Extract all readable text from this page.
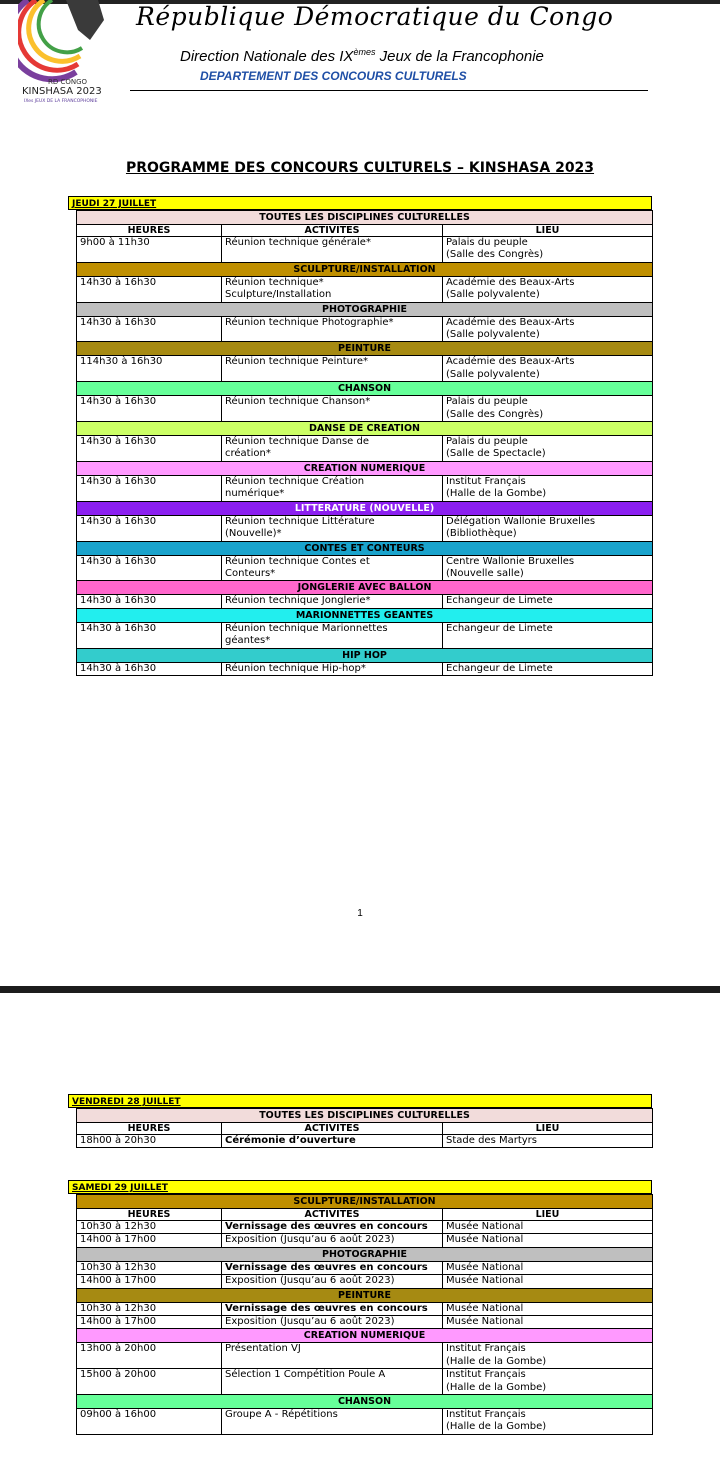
RD CONGO
KINSHASA 2023
IXes JEUX DE LA FRANCOPHONIE
République Démocratique du Congo
Direction Nationale des IXèmes Jeux de la Francophonie
DEPARTEMENT DES CONCOURS CULTURELS
PROGRAMME DES CONCOURS CULTURELS – KINSHASA 2023
JEUDI 27 JUILLET
TOUTES LES DISCIPLINES CULTURELLES		
HEURES	ACTIVITES	LIEU
9h00 à 11h30	Réunion technique générale*	Palais du peuple
(Salle des Congrès)
SCULPTURE/INSTALLATION		
14h30 à 16h30	Réunion technique*
Sculpture/Installation	Académie des Beaux-Arts
(Salle polyvalente)
PHOTOGRAPHIE		
14h30 à 16h30	Réunion technique Photographie*	Académie des Beaux-Arts
(Salle polyvalente)
PEINTURE		
114h30 à 16h30	Réunion technique Peinture*	Académie des Beaux-Arts
(Salle polyvalente)
CHANSON		
14h30 à 16h30	Réunion technique Chanson*	Palais du peuple
(Salle des Congrès)
DANSE DE CREATION		
14h30 à 16h30	Réunion technique Danse de
création*	Palais du peuple
(Salle de Spectacle)
CREATION NUMERIQUE		
14h30 à 16h30	Réunion technique Création
numérique*	Institut Français
(Halle de la Gombe)
LITTERATURE (NOUVELLE)		
14h30 à 16h30	Réunion technique Littérature
(Nouvelle)*	Délégation Wallonie Bruxelles
(Bibliothèque)
CONTES ET CONTEURS		
14h30 à 16h30	Réunion technique Contes et
Conteurs*	Centre Wallonie Bruxelles
(Nouvelle salle)
JONGLERIE AVEC BALLON		
14h30 à 16h30	Réunion technique Jonglerie*	Echangeur de Limete
MARIONNETTES GEANTES		
14h30 à 16h30	Réunion technique Marionnettes
géantes*	Echangeur de Limete
HIP HOP		
14h30 à 16h30	Réunion technique Hip-hop*	Echangeur de Limete
1
VENDREDI 28 JUILLET
TOUTES LES DISCIPLINES CULTURELLES		
HEURES	ACTIVITES	LIEU
18h00 à 20h30	Cérémonie d’ouverture	Stade des Martyrs
SAMEDI 29 JUILLET
SCULPTURE/INSTALLATION		
HEURES	ACTIVITES	LIEU
10h30 à 12h30	Vernissage des œuvres en concours	Musée National
14h00 à 17h00	Exposition (Jusqu’au 6 août 2023)	Musée National
PHOTOGRAPHIE		
10h30 à 12h30	Vernissage des œuvres en concours	Musée National
14h00 à 17h00	Exposition (Jusqu’au 6 août 2023)	Musée National
PEINTURE		
10h30 à 12h30	Vernissage des œuvres en concours	Musée National
14h00 à 17h00	Exposition (Jusqu’au 6 août 2023)	Musée National
CREATION NUMERIQUE		
13h00 à 20h00	Présentation VJ	Institut Français
(Halle de la Gombe)
15h00 à 20h00	Sélection 1 Compétition Poule A	Institut Français
(Halle de la Gombe)
CHANSON		
09h00 à 16h00	Groupe A - Répétitions	Institut Français
(Halle de la Gombe)
